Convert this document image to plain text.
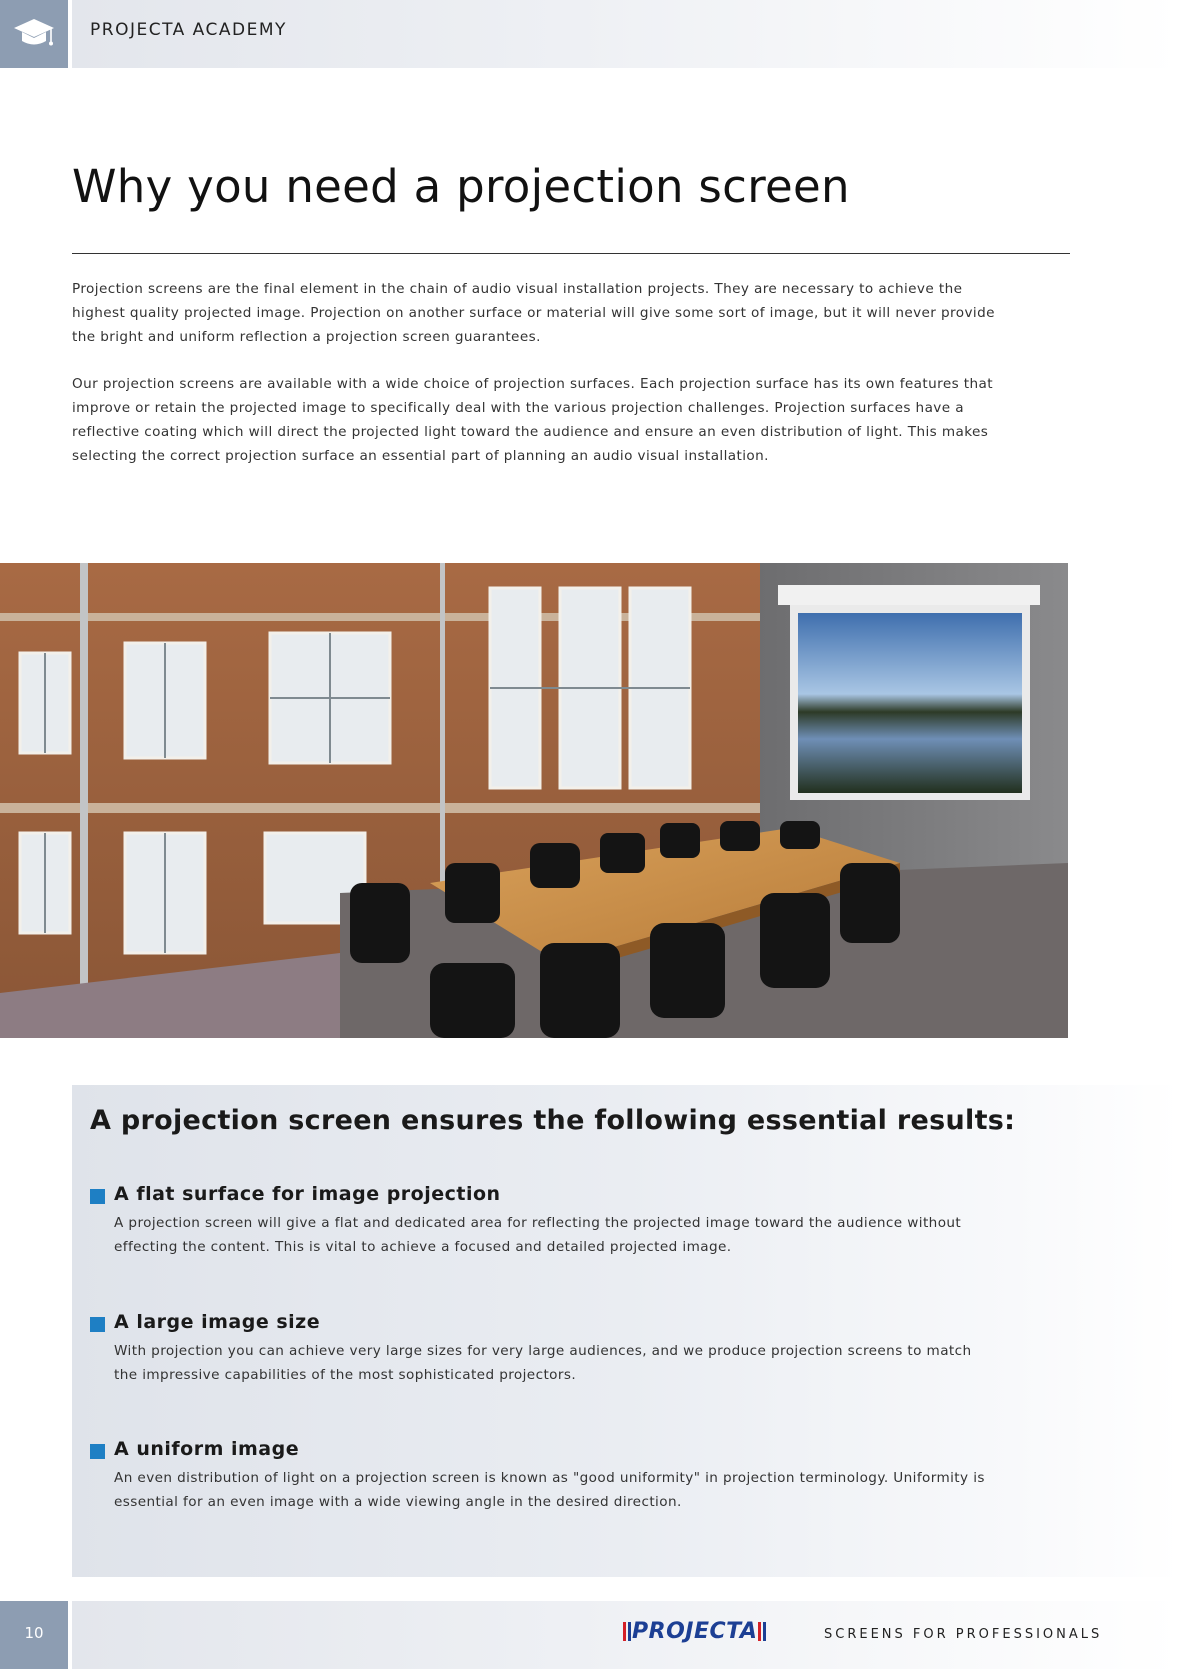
PROJECTA ACADEMY
Why you need a projection screen

Projection screens are the final element in the chain of audio visual installation projects. They are necessary to achieve the highest quality projected image. Projection on another surface or material will give some sort of image, but it will never provide the bright and uniform reflection a projection screen guarantees.

Our projection screens are available with a wide choice of projection surfaces. Each projection surface has its own features that improve or retain the projected image to specifically deal with the various projection challenges. Projection surfaces have a reflective coating which will direct the projected light toward the audience and ensure an even distribution of light. This makes selecting the correct projection surface an essential part of planning an audio visual installation.

A projection screen ensures the following essential results:
A flat surface for image projection

A projection screen will give a flat and dedicated area for reflecting the projected image toward the audience without effecting the content. This is vital to achieve a focused and detailed projected image.

A large image size

With projection you can achieve very large sizes for very large audiences, and we produce projection screens to match the impressive capabilities of the most sophisticated projectors.

A uniform image

An even distribution of light on a projection screen is known as "good uniformity" in projection terminology. Uniformity is essential for an even image with a wide viewing angle in the desired direction.

10	PROJECTA	SCREENS FOR PROFESSIONALS
